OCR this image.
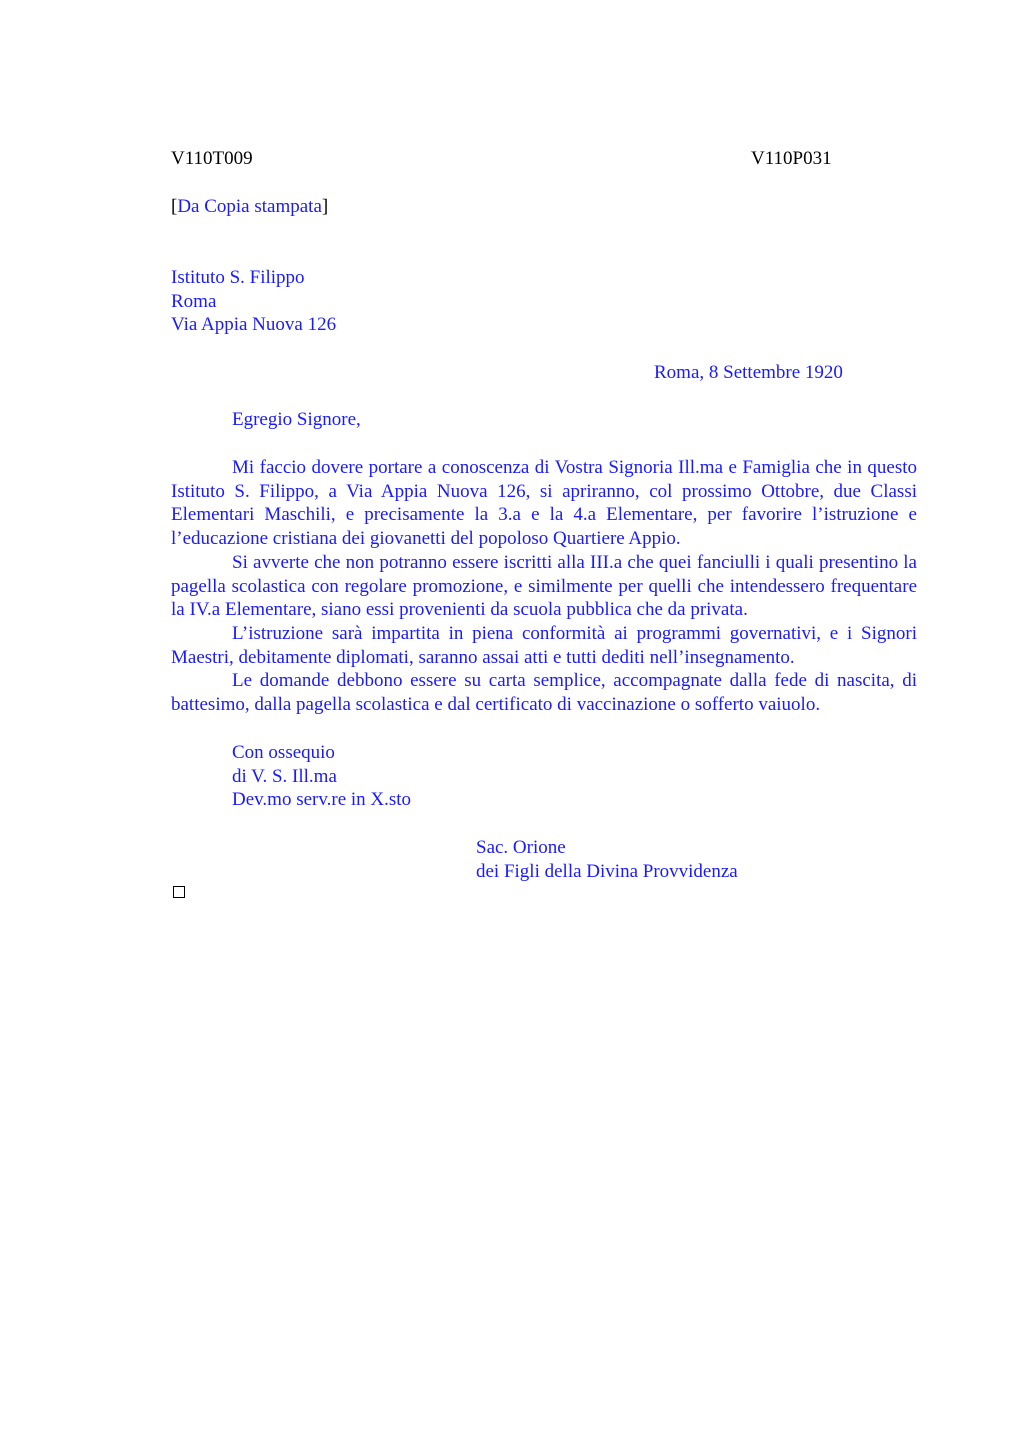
V110T009	V110P031
[Da Copia stampata]
Istituto S. Filippo
Roma
Via Appia Nuova 126
Roma, 8 Settembre 1920
Egregio Signore,

Mi faccio dovere portare a conoscenza di Vostra Signoria Ill.ma e Famiglia che in questo Istituto S. Filippo, a Via Appia Nuova 126, si apriranno, col prossimo Ottobre, due Classi Elementari Maschili, e precisamente la 3.a e la 4.a Elementare, per favorire l’istruzione e l’educazione cristiana dei giovanetti del popoloso Quartiere Appio.

Si avverte che non potranno essere iscritti alla III.a che quei fanciulli i quali presentino la pagella scolastica con regolare promozione, e similmente per quelli che intendessero frequentare la IV.a Elementare, siano essi provenienti da scuola pubblica che da privata.

L’istruzione sarà impartita in piena conformità ai programmi governativi, e i Signori Maestri, debitamente diplomati, saranno assai atti e tutti dediti nell’insegnamento.

Le domande debbono essere su carta semplice, accompagnate dalla fede di nascita, di battesimo, dalla pagella scolastica e dal certificato di vaccinazione o sofferto vaiuolo.

Con ossequio
di V. S. Ill.ma
Dev.mo serv.re in X.sto
Sac. Orione
dei Figli della Divina Provvidenza
